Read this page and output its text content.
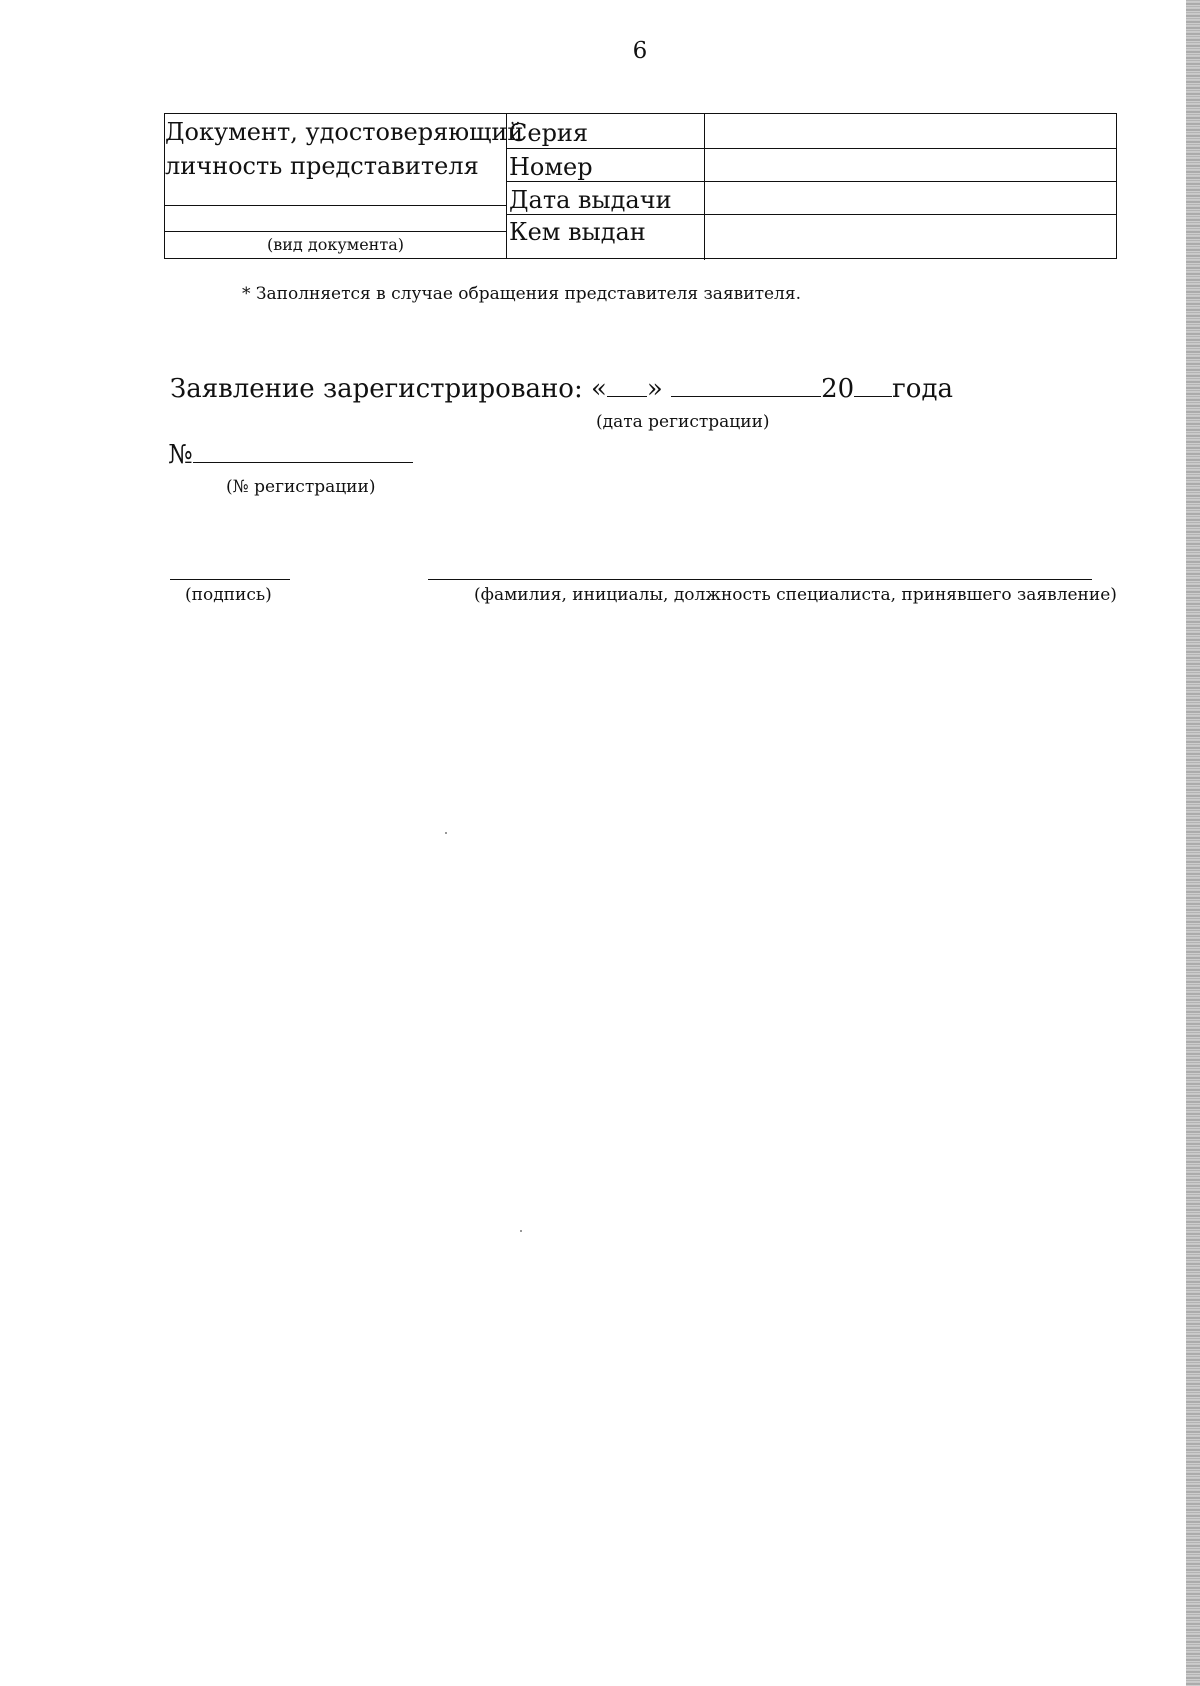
6
Документ, удостоверяющий
личность представителя
(вид документа)
Серия
Номер
Дата выдачи
Кем выдан
* Заполняется в случае обращения представителя заявителя.
Заявление зарегистрировано: « »	20 года
(дата регистрации)
№
(№ регистрации)
(подпись)	(фамилия, инициалы, должность специалиста, принявшего заявление)
